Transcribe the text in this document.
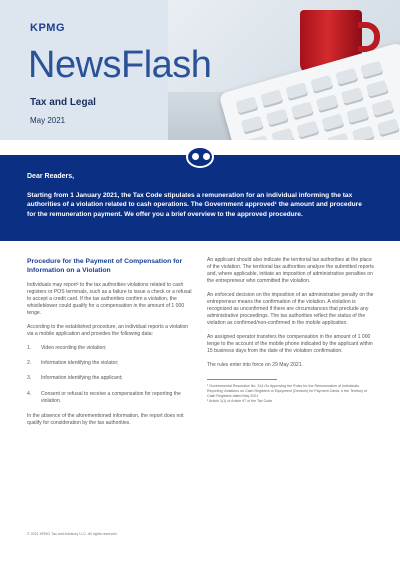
KPMG
NewsFlash
Tax and Legal
May 2021
Dear Readers,
Starting from 1 January 2021, the Tax Code stipulates a remuneration for an individual informing the tax authorities of a violation related to cash operations. The Government approved¹ the amount and procedure for the remuneration payment. We offer you a brief overview to the approved procedure.
Procedure for the Payment of Compensation for Information on a Violation

Individuals may report² to the tax authorities violations related to cash registers or POS terminals, such as a failure to issue a check or a refusal to accept a credit card. If the tax authorities confirm a violation, the whistleblower could qualify for a compensation in the amount of 1 000 tenge.

According to the established procedure, an individual reports a violation via a mobile application and provides the following data:

1.	Video recording the violation;
2.	Information identifying the violator;
3.	Information identifying the applicant;
4.	Consent or refusal to receive a compensation for reporting the violation.

In the absence of the aforementioned information, the report does not qualify for consideration by the tax authorities.

An applicant should also indicate the territorial tax authorities at the place of the violation. The territorial tax authorities analyze the submitted reports and, where applicable, initiate an imposition of administrative penalties on the entrepreneur who committed the violation.

An enforced decision on the imposition of an administrative penalty on the entrepreneur means the confirmation of the violation. A violation is recognized as unconfirmed if there are circumstances that preclude any administrative proceedings. The tax authorities reflect the status of the violation as confirmed/non-confirmed in the mobile application.

An assigned operator transfers the compensation in the amount of 1 000 tenge to the account of the mobile phone indicated by the applicant within 15 business days from the date of the violation confirmation.

The rules enter into force on 29 May 2021.

¹ Governmental Resolution No. 314 On Approving the Rules for the Remuneration of Individuals Reporting Violations on Cash Registers or Equipment (Devices) for Payment Cards, # the Territory of Cash Registers dated May 2021

² Article 1(1) of Article 97 of the Tax Code

© 2021 KPMG Tax and Advisory LLC. All rights reserved.
